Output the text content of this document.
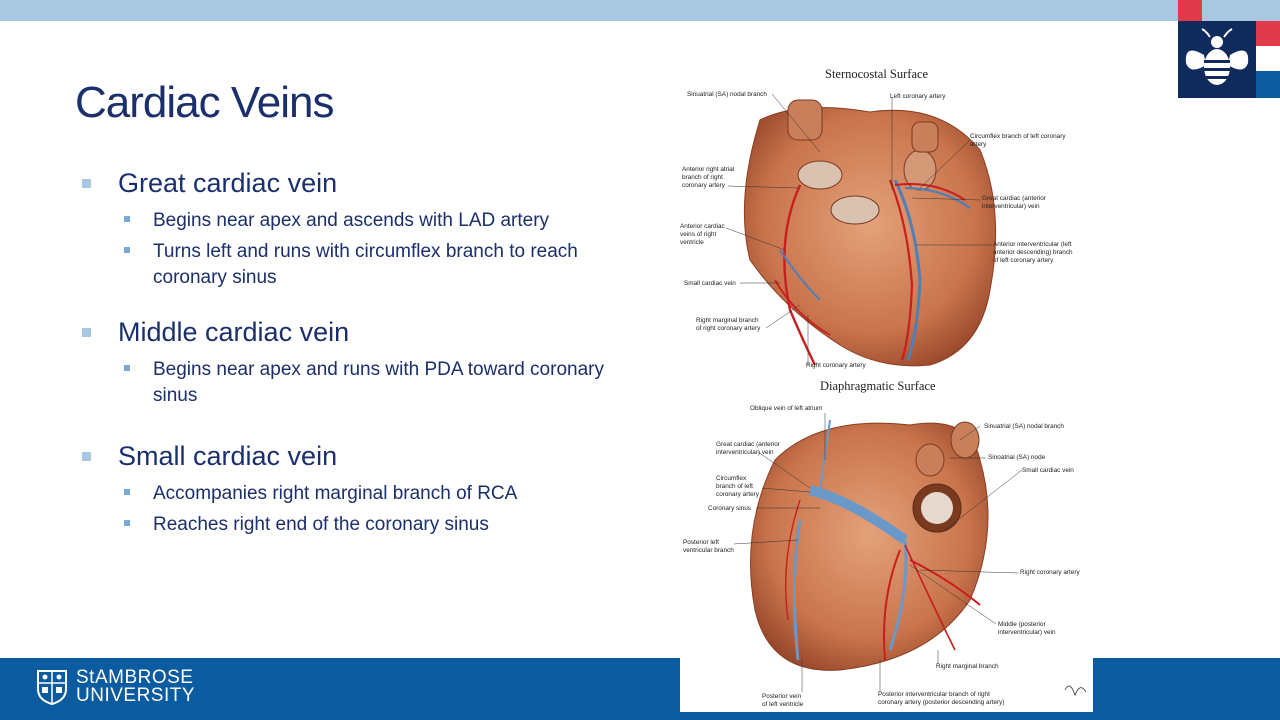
Cardiac Veins
Great cardiac vein
Begins near apex and ascends with LAD artery
Turns left and runs with circumflex branch to reach coronary sinus
Middle cardiac vein
Begins near apex and runs with PDA toward coronary sinus
Small cardiac vein
Accompanies right marginal branch of RCA
Reaches right end of the coronary sinus
StAMBROSE
UNIVERSITY
Sternocostal Surface
Sinuatrial (SA) nodal branch	Left coronary artery
Circumflex branch of left coronary
artery
Anterior right atrial
branch of right
coronary artery
Great cardiac (anterior
interventricular) vein
Anterior cardiac
veins of right
ventricle	Anterior interventricular (left
anterior descending) branch
of left coronary artery
Small cardiac vein
Right marginal branch
of right coronary artery
Right coronary artery
Diaphragmatic Surface
Oblique vein of left atrium
Great cardiac (anterior
interventricular) vein
Sinuatrial (SA) nodal branch
Sinoatrial (SA) node
Small cardiac vein
Circumflex
branch of left
coronary artery
Coronary sinus
Posterior left
ventricular branch
Right coronary artery
Middle (posterior
interventricular) vein
Right marginal branch
Posterior vein
of left ventricle
Posterior interventricular branch of right
coronary artery (posterior descending artery)
